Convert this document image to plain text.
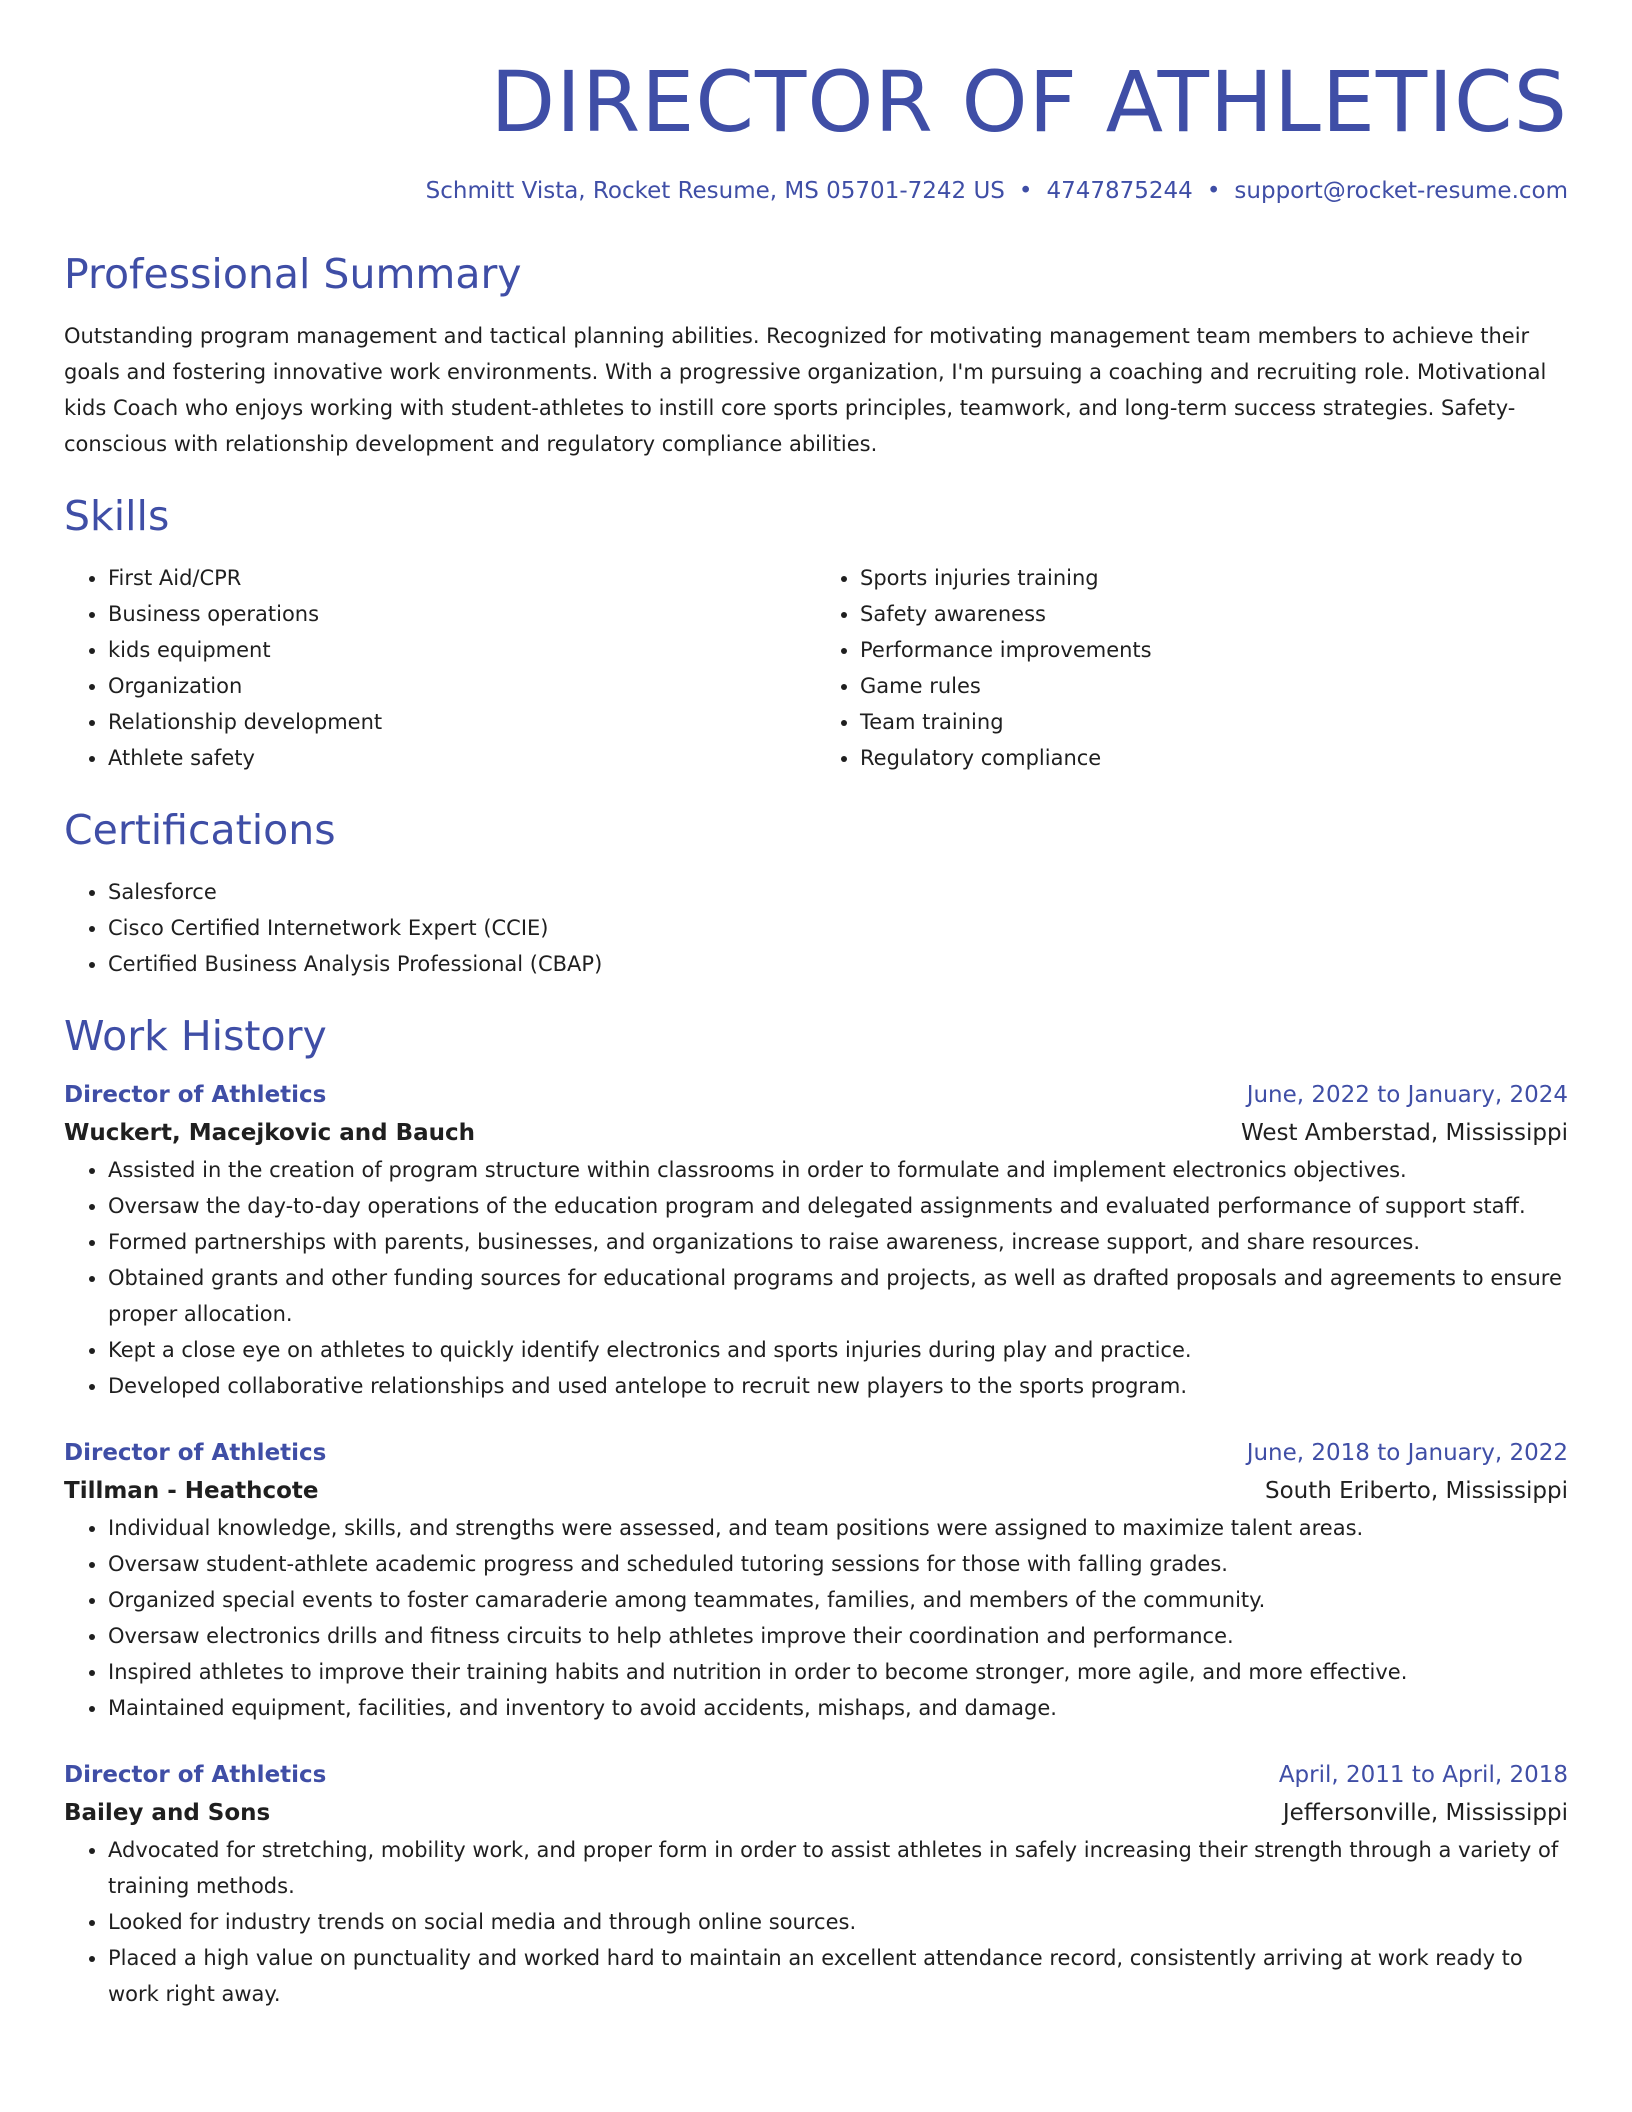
DIRECTOR OF ATHLETICS
Schmitt Vista, Rocket Resume, MS 05701-7242 US • 4747875244 • support@rocket-resume.com
Professional Summary

Outstanding program management and tactical planning abilities. Recognized for motivating management team members to achieve their goals and fostering innovative work environments. With a progressive organization, I'm pursuing a coaching and recruiting role. Motivational kids Coach who enjoys working with student-athletes to instill core sports principles, teamwork, and long-term success strategies. Safety-conscious with relationship development and regulatory compliance abilities.

Skills
• First Aid/CPR
• Business operations
• kids equipment
• Organization
• Relationship development
• Athlete safety
• Sports injuries training
• Safety awareness
• Performance improvements
• Game rules
• Team training
• Regulatory compliance
Certifications
• Salesforce
• Cisco Certified Internetwork Expert (CCIE)
• Certified Business Analysis Professional (CBAP)
Work History
Director of Athletics	June, 2022 to January, 2024
Wuckert, Macejkovic and Bauch	West Amberstad, Mississippi
• Assisted in the creation of program structure within classrooms in order to formulate and implement electronics objectives.
• Oversaw the day-to-day operations of the education program and delegated assignments and evaluated performance of support staff.
• Formed partnerships with parents, businesses, and organizations to raise awareness, increase support, and share resources.
• Obtained grants and other funding sources for educational programs and projects, as well as drafted proposals and agreements to ensure proper allocation.
• Kept a close eye on athletes to quickly identify electronics and sports injuries during play and practice.
• Developed collaborative relationships and used antelope to recruit new players to the sports program.
Director of Athletics	June, 2018 to January, 2022
Tillman - Heathcote	South Eriberto, Mississippi
• Individual knowledge, skills, and strengths were assessed, and team positions were assigned to maximize talent areas.
• Oversaw student-athlete academic progress and scheduled tutoring sessions for those with falling grades.
• Organized special events to foster camaraderie among teammates, families, and members of the community.
• Oversaw electronics drills and fitness circuits to help athletes improve their coordination and performance.
• Inspired athletes to improve their training habits and nutrition in order to become stronger, more agile, and more effective.
• Maintained equipment, facilities, and inventory to avoid accidents, mishaps, and damage.
Director of Athletics	April, 2011 to April, 2018
Bailey and Sons	Jeffersonville, Mississippi
• Advocated for stretching, mobility work, and proper form in order to assist athletes in safely increasing their strength through a variety of training methods.
• Looked for industry trends on social media and through online sources.
• Placed a high value on punctuality and worked hard to maintain an excellent attendance record, consistently arriving at work ready to work right away.
